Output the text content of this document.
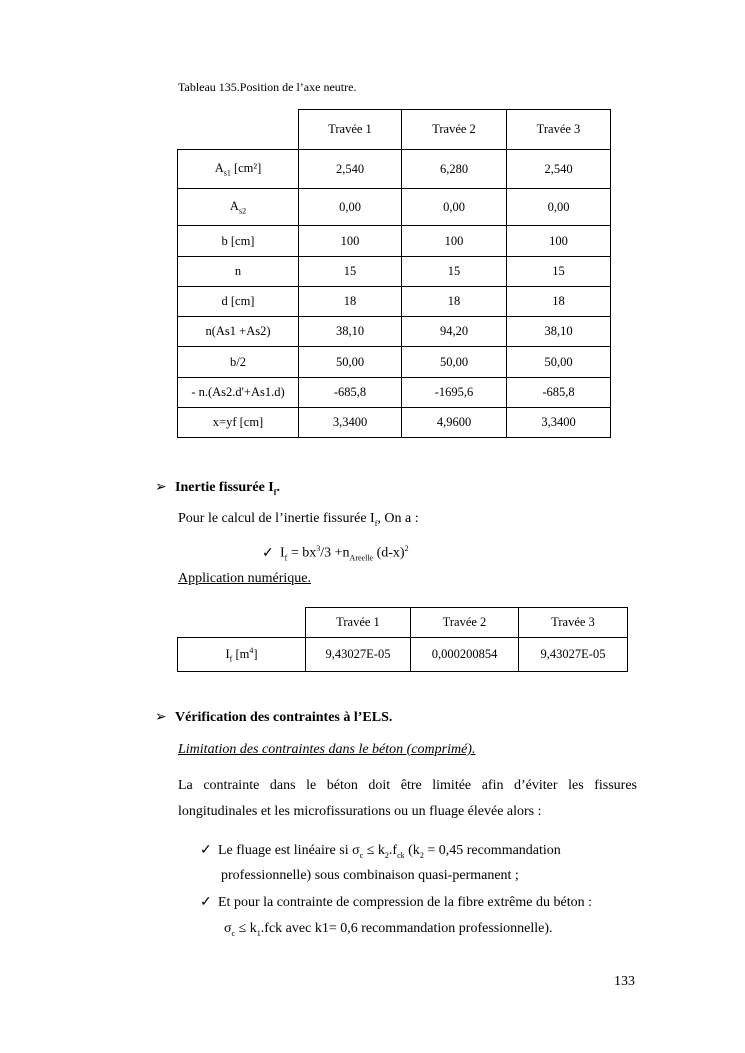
Tableau 135.Position de l’axe neutre.
	Travée 1	Travée 2	Travée 3
$A_{s1}$ [cm²]	2,540	6,280	2,540
$A_{s2}$	0,00	0,00	0,00
b [cm]	100	100	100
n	15	15	15
d [cm]	18	18	18
n(As1 +As2)	38,10	94,20	38,10
b/2	50,00	50,00	50,00
- n.(As2.d'+As1.d)	-685,8	-1695,6	-685,8
x=yf [cm]	3,3400	4,9600	3,3400
➢ Inertie fissurée $I_f$.
Pour le calcul de l’inertie fissurée $I_f$, On a :
✓ $I_f = bx^3/3 +n_{Areelle}$ $(d-x)^2$
Application numérique.
	Travée 1	Travée 2	Travée 3
$I_f$ $[m^4]$	9,43027E-05	0,000200854	9,43027E-05
➢ Vérification des contraintes à l’ELS.
Limitation des contraintes dans le béton (comprimé).
La contrainte dans le béton doit être limitée afin d’éviter les fissures
longitudinales et les microfissurations ou un fluage élevée alors :
✓ Le fluage est linéaire si $\sigma_c \le k_2.f_{ck}$ ($k_2 = 0,45$ recommandation
professionnelle) sous combinaison quasi-permanent ;
✓ Et pour la contrainte de compression de la fibre extrême du béton :
$\sigma_c \le k_1.fck$ avec k1= 0,6 recommandation professionnelle).
133
